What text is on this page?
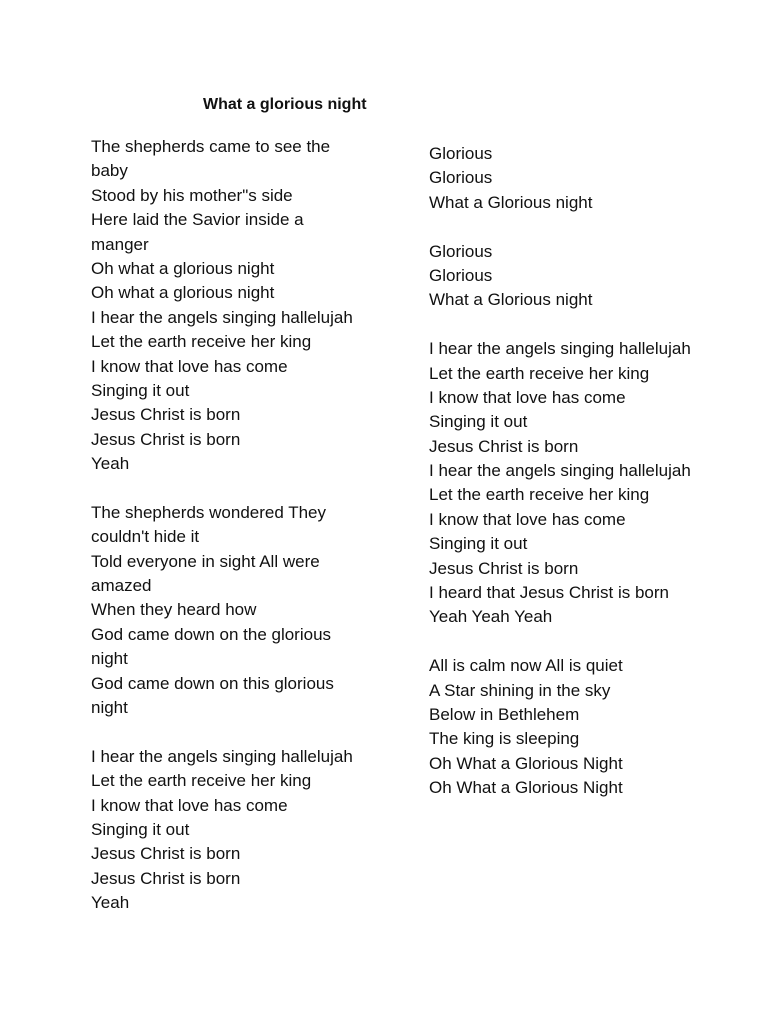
What a glorious night
The shepherds came to see the
baby
Stood by his mother"s side
Here laid the Savior inside a
manger
Oh what a glorious night
Oh what a glorious night
I hear the angels singing hallelujah
Let the earth receive her king
I know that love has come
Singing it out
Jesus Christ is born
Jesus Christ is born
Yeah
The shepherds wondered They
couldn't hide it
Told everyone in sight All were
amazed
When they heard how
God came down on the glorious
night
God came down on this glorious
night
I hear the angels singing hallelujah
Let the earth receive her king
I know that love has come
Singing it out
Jesus Christ is born
Jesus Christ is born
Yeah
Glorious
Glorious
What a Glorious night
Glorious
Glorious
What a Glorious night
I hear the angels singing hallelujah
Let the earth receive her king
I know that love has come
Singing it out
Jesus Christ is born
I hear the angels singing hallelujah
Let the earth receive her king
I know that love has come
Singing it out
Jesus Christ is born
I heard that Jesus Christ is born
Yeah Yeah Yeah
All is calm now All is quiet
A Star shining in the sky
Below in Bethlehem
The king is sleeping
Oh What a Glorious Night
Oh What a Glorious Night
